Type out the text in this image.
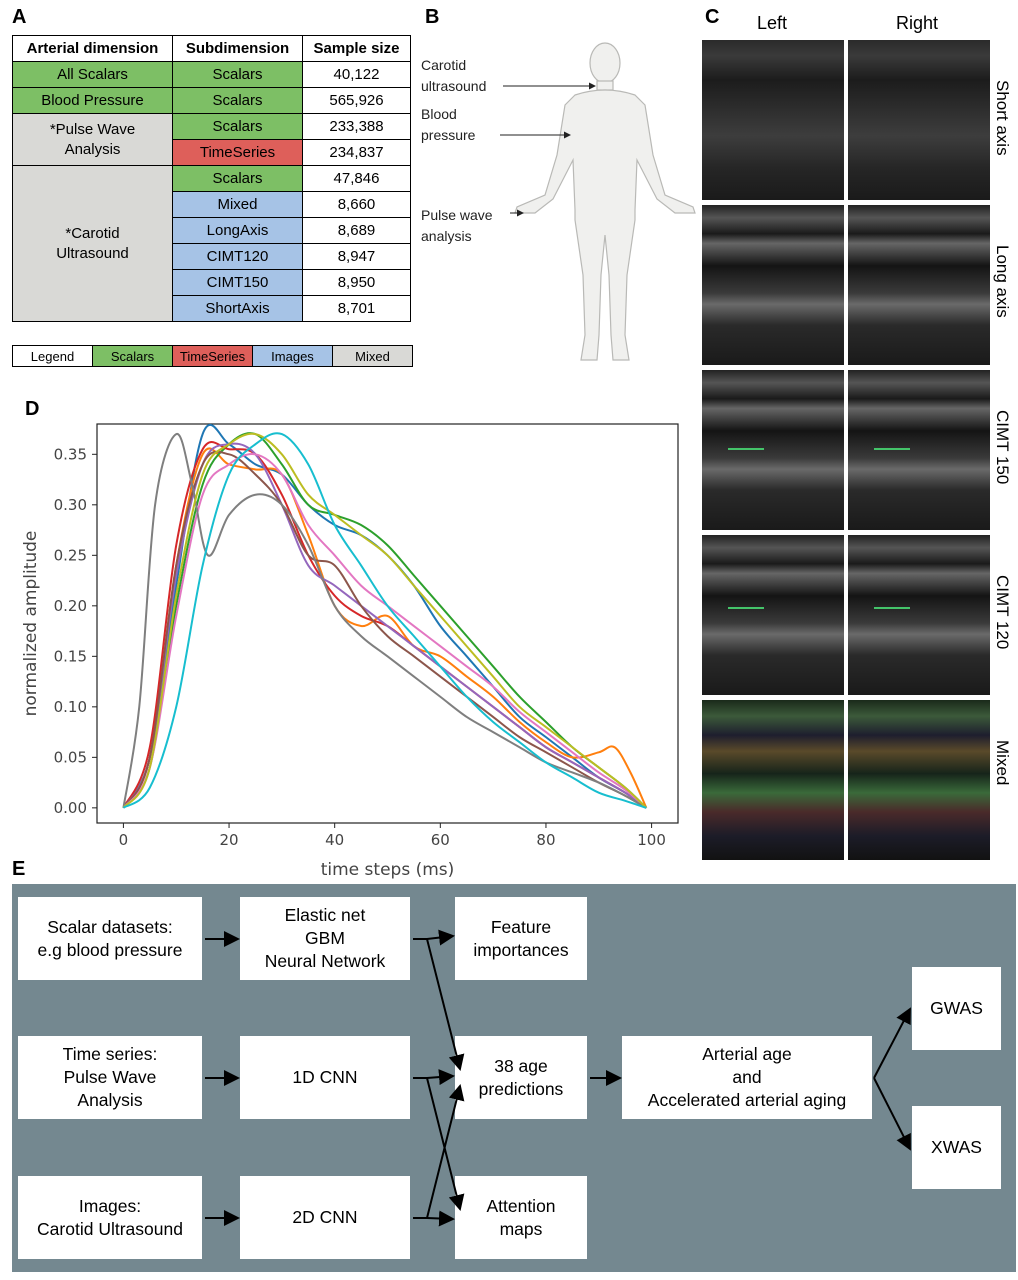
A	B	C
D
E
Arterial dimension	Subdimension	Sample size
All Scalars	Scalars	40,122
Blood Pressure	Scalars	565,926
*Pulse Wave
Analysis	Scalars	233,388
	TimeSeries	234,837
*Carotid
Ultrasound	Scalars	47,846
	Mixed	8,660
	LongAxis	8,689
	CIMT120	8,947
	CIMT150	8,950
	ShortAxis	8,701
Legend	Scalars	TimeSeries	Images	Mixed
Carotid
ultrasound
Blood
pressure
Pulse wave
analysis
Left	Right
Short axis
Long axis
CIMT 150
CIMT 120
Mixed
0	20	40	60	80	100
0.00
0.05
0.10
0.15
0.20
0.25
0.30
0.35
time steps (ms)
normalized amplitude
Scalar datasets:
e.g blood pressure
Time series:
Pulse Wave
Analysis
Images:
Carotid Ultrasound
Elastic net
GBM
Neural Network
1D CNN
2D CNN
Feature
importances
38 age
predictions
Attention
maps
Arterial age
and
Accelerated arterial aging
GWAS
XWAS
